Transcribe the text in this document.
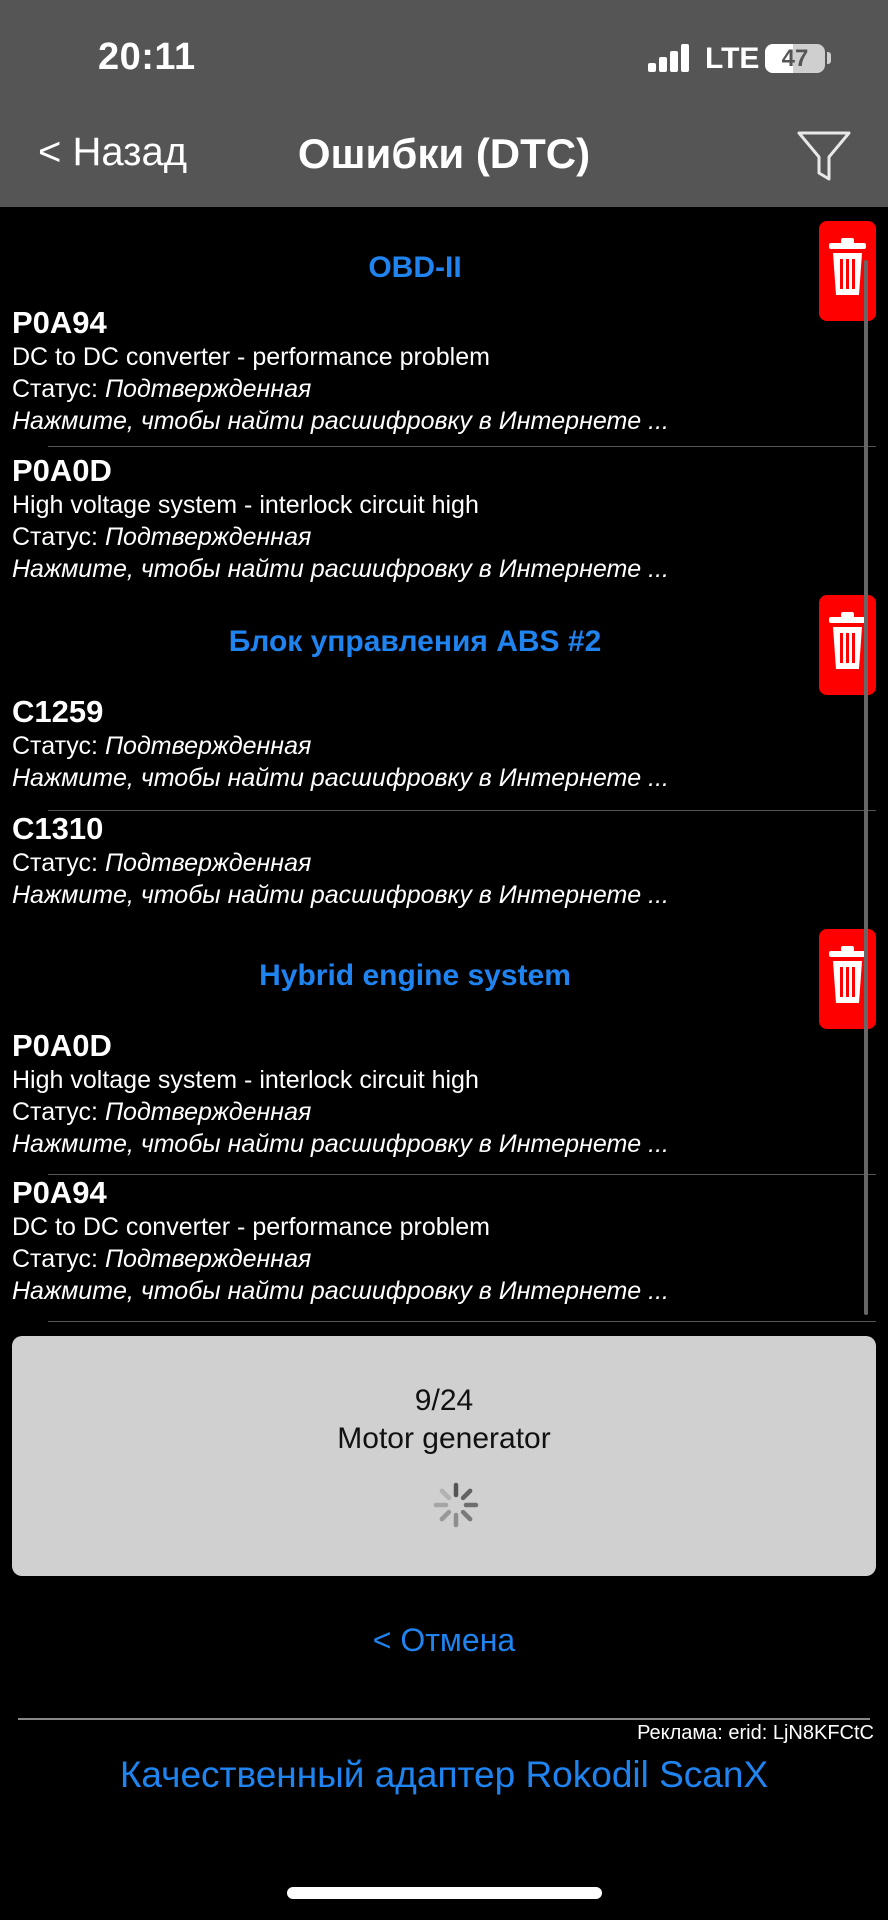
20:11	LTE 47
< Назад	Ошибки (DTC)
OBD-II
P0A94
DC to DC converter - performance problem
Статус: Подтвержденная
Нажмите, чтобы найти расшифровку в Интернете ...
P0A0D
High voltage system - interlock circuit high
Статус: Подтвержденная
Нажмите, чтобы найти расшифровку в Интернете ...
Блок управления ABS #2
C1259
Статус: Подтвержденная
Нажмите, чтобы найти расшифровку в Интернете ...
C1310
Статус: Подтвержденная
Нажмите, чтобы найти расшифровку в Интернете ...
Hybrid engine system
P0A0D
High voltage system - interlock circuit high
Статус: Подтвержденная
Нажмите, чтобы найти расшифровку в Интернете ...
P0A94
DC to DC converter - performance problem
Статус: Подтвержденная
Нажмите, чтобы найти расшифровку в Интернете ...
9/24
Motor generator
< Отмена
Реклама: erid: LjN8KFCtC
Качественный адаптер Rokodil ScanX
